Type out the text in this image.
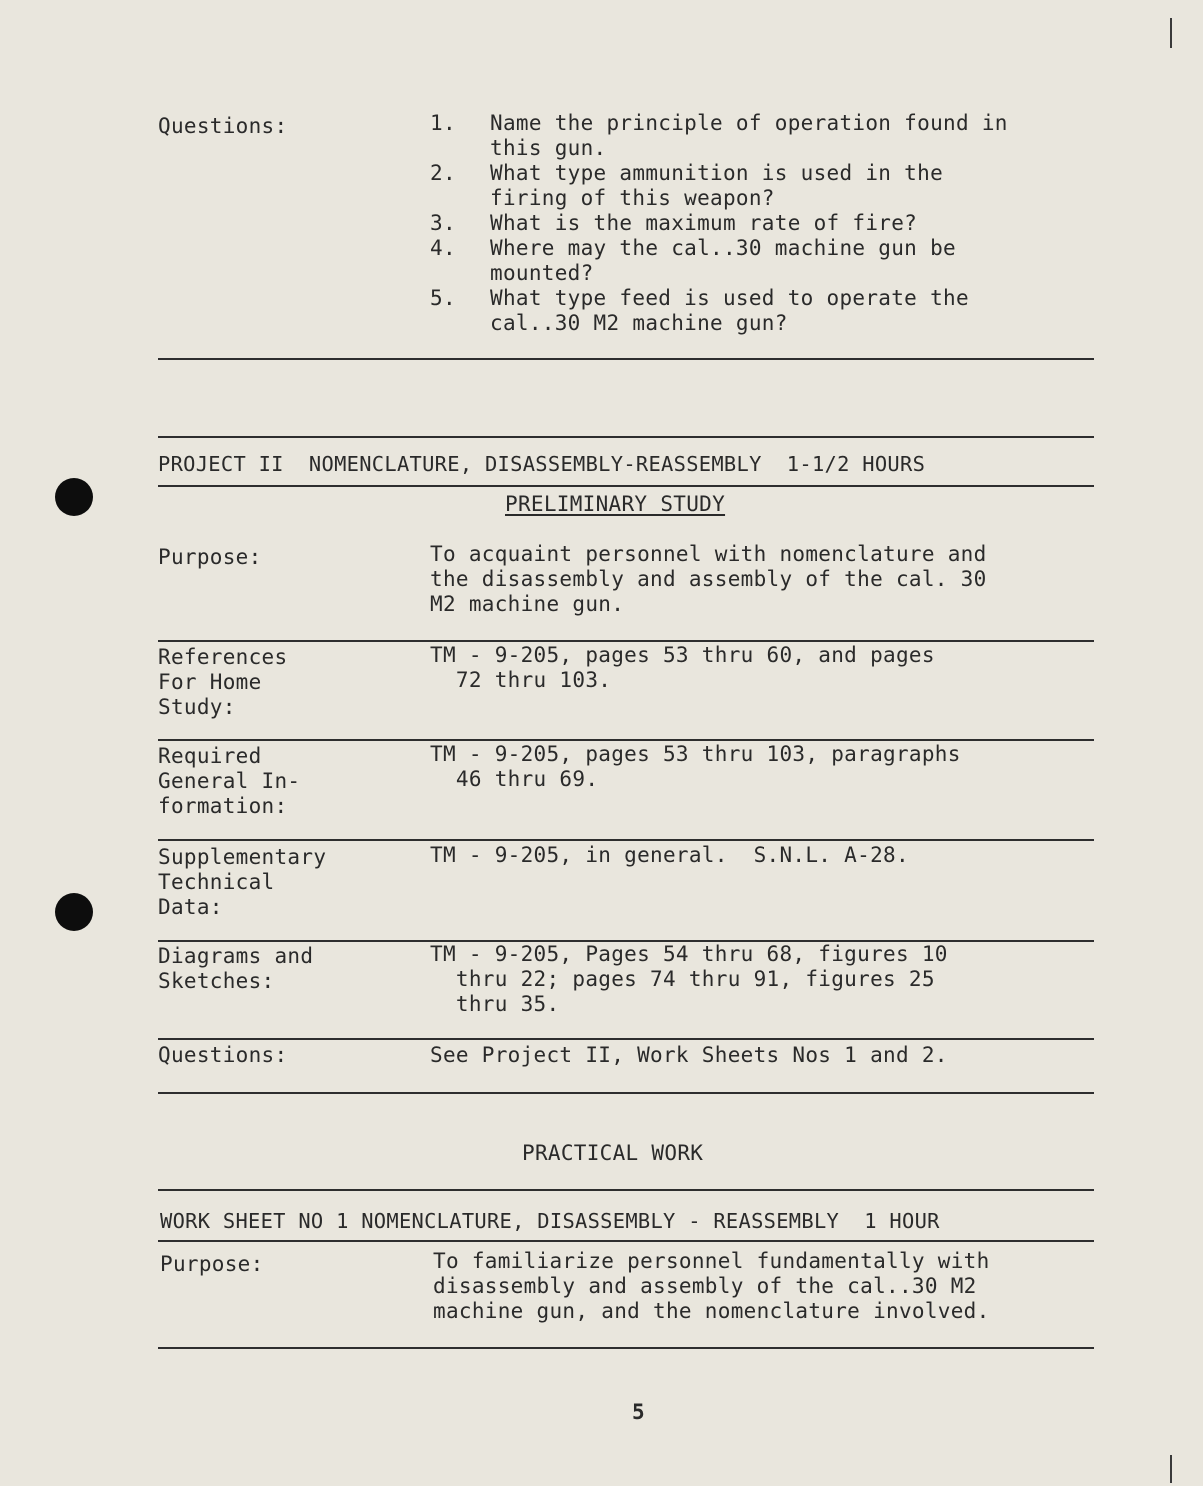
Questions:	1. Name the principle of operation found in
this gun.
2. What type ammunition is used in the
firing of this weapon?
3. What is the maximum rate of fire?
4. Where may the cal..30 machine gun be
mounted?
5. What type feed is used to operate the
cal..30 M2 machine gun?
PROJECT II  NOMENCLATURE, DISASSEMBLY-REASSEMBLY  1-1/2 HOURS
PRELIMINARY STUDY
Purpose:	To acquaint personnel with nomenclature and
the disassembly and assembly of the cal. 30
M2 machine gun.
References
For Home
Study:
TM - 9-205, pages 53 thru 60, and pages
72 thru 103.
Required
General In-
formation:
TM - 9-205, pages 53 thru 103, paragraphs
46 thru 69.
Supplementary
Technical
Data:
TM - 9-205, in general.  S.N.L. A-28.
Diagrams and
Sketches:
TM - 9-205, Pages 54 thru 68, figures 10
thru 22; pages 74 thru 91, figures 25
thru 35.
Questions:	See Project II, Work Sheets Nos 1 and 2.
PRACTICAL WORK
WORK SHEET NO 1 NOMENCLATURE, DISASSEMBLY - REASSEMBLY  1 HOUR
Purpose:	To familiarize personnel fundamentally with
disassembly and assembly of the cal..30 M2
machine gun, and the nomenclature involved.
5
